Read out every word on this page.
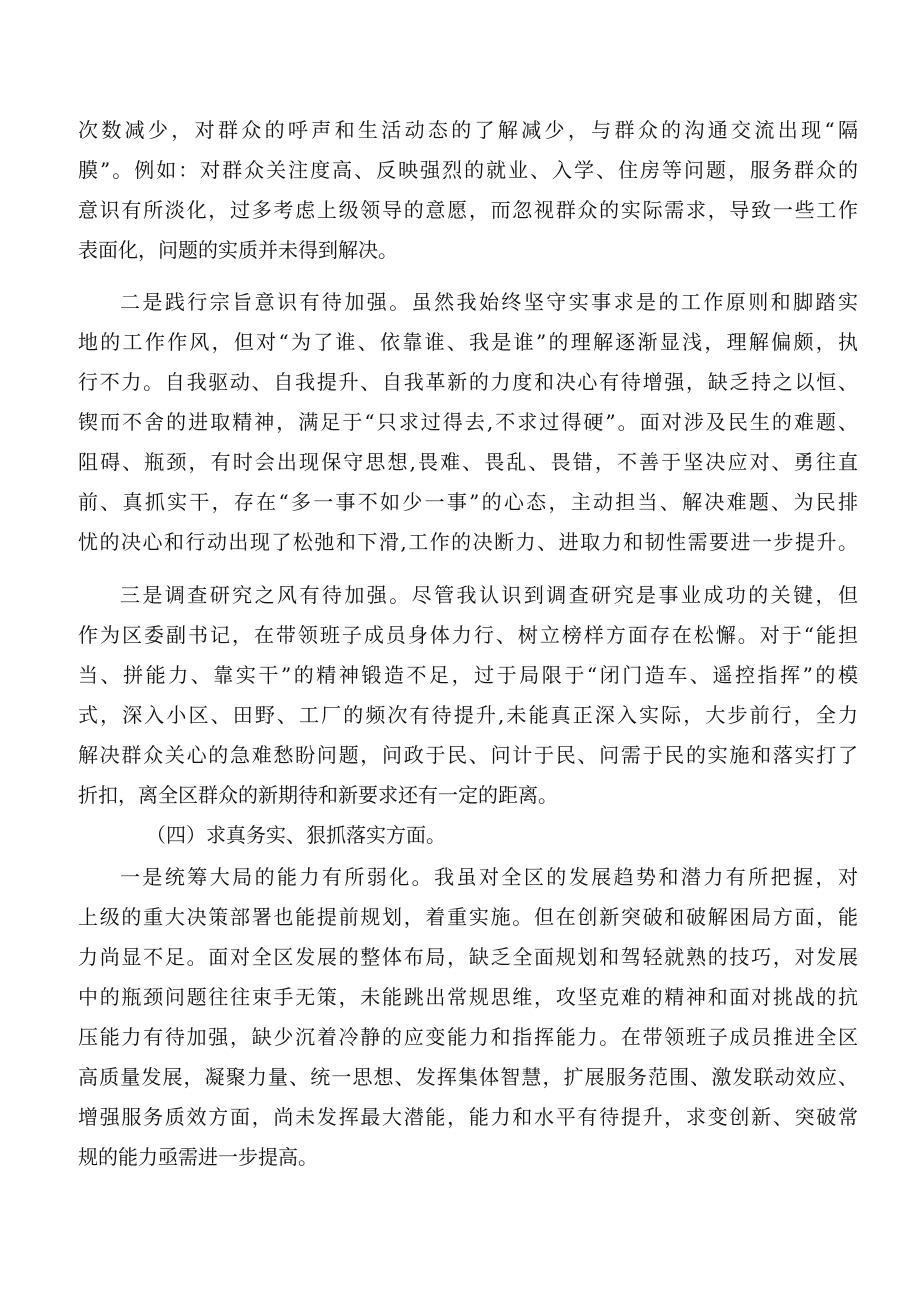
次数减少，对群众的呼声和生活动态的了解减少，与群众的沟通交流出现“隔
膜”。例如：对群众关注度高、反映强烈的就业、入学、住房等问题，服务群众的
意识有所淡化，过多考虑上级领导的意愿，而忽视群众的实际需求，导致一些工作
表面化，问题的实质并未得到解决。
二是践行宗旨意识有待加强。虽然我始终坚守实事求是的工作原则和脚踏实
地的工作作风，但对“为了谁、依靠谁、我是谁”的理解逐渐显浅，理解偏颇，执
行不力。自我驱动、自我提升、自我革新的力度和决心有待增强，缺乏持之以恒、
锲而不舍的进取精神，满足于“只求过得去,不求过得硬”。面对涉及民生的难题、
阻碍、瓶颈，有时会出现保守思想,畏难、畏乱、畏错，不善于坚决应对、勇往直
前、真抓实干，存在“多一事不如少一事”的心态，主动担当、解决难题、为民排
忧的决心和行动出现了松弛和下滑,工作的决断力、进取力和韧性需要进一步提升。
三是调查研究之风有待加强。尽管我认识到调查研究是事业成功的关键，但
作为区委副书记，在带领班子成员身体力行、树立榜样方面存在松懈。对于“能担
当、拼能力、靠实干”的精神锻造不足，过于局限于“闭门造车、遥控指挥”的模
式，深入小区、田野、工厂的频次有待提升,未能真正深入实际，大步前行，全力
解决群众关心的急难愁盼问题，问政于民、问计于民、问需于民的实施和落实打了
折扣，离全区群众的新期待和新要求还有一定的距离。
（四）求真务实、狠抓落实方面。
一是统筹大局的能力有所弱化。我虽对全区的发展趋势和潜力有所把握，对
上级的重大决策部署也能提前规划，着重实施。但在创新突破和破解困局方面，能
力尚显不足。面对全区发展的整体布局，缺乏全面规划和驾轻就熟的技巧，对发展
中的瓶颈问题往往束手无策，未能跳出常规思维，攻坚克难的精神和面对挑战的抗
压能力有待加强，缺少沉着冷静的应变能力和指挥能力。在带领班子成员推进全区
高质量发展，凝聚力量、统一思想、发挥集体智慧，扩展服务范围、激发联动效应、
增强服务质效方面，尚未发挥最大潜能，能力和水平有待提升，求变创新、突破常
规的能力亟需进一步提高。
